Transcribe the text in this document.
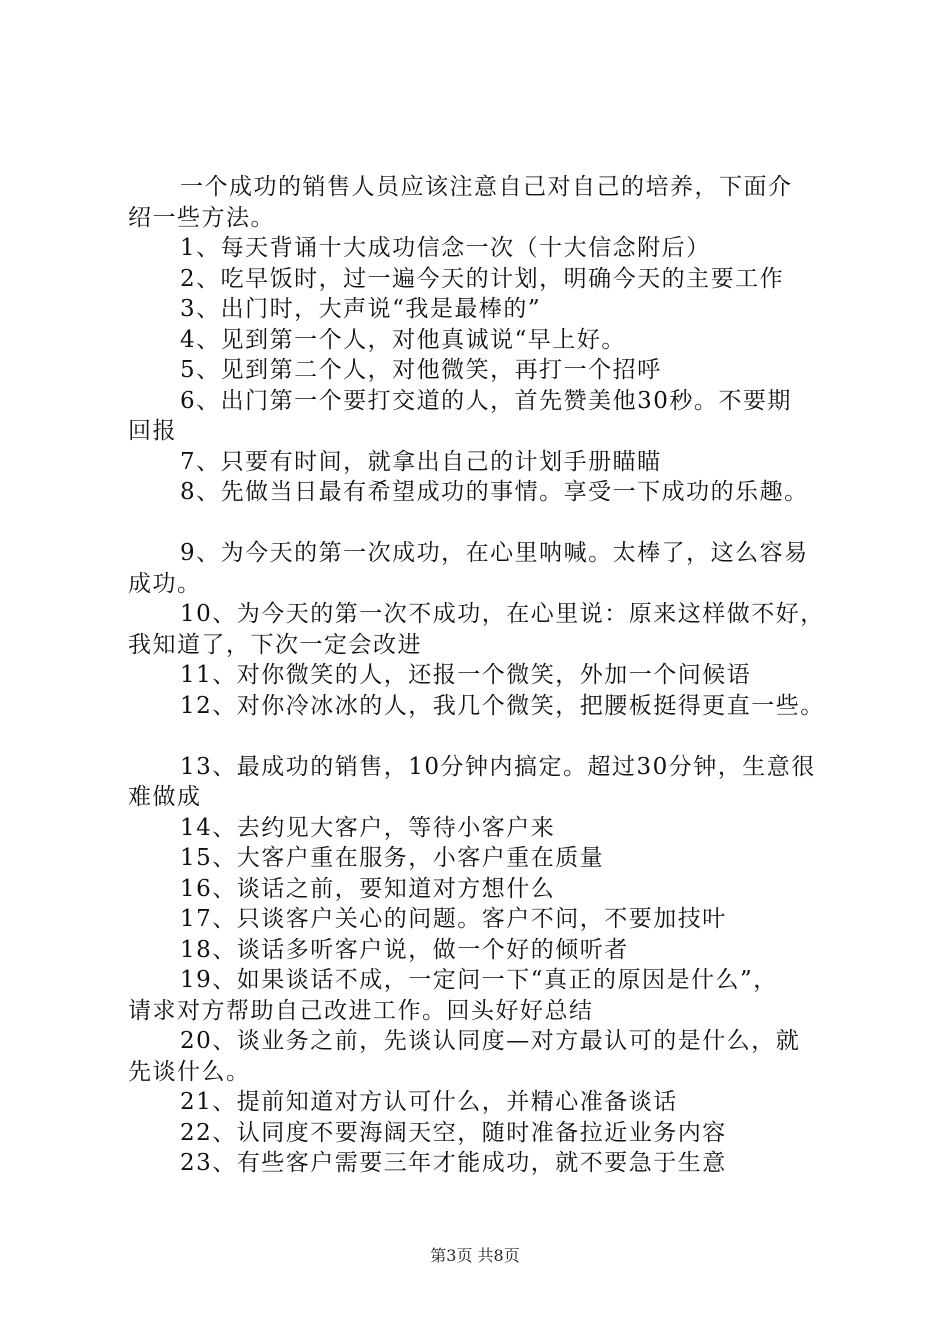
一个成功的销售人员应该注意自己对自己的培养，下面介
绍一些方法。
1、每天背诵十大成功信念一次（十大信念附后）
2、吃早饭时，过一遍今天的计划，明确今天的主要工作
3、出门时，大声说“我是最棒的”
4、见到第一个人，对他真诚说“早上好。
5、见到第二个人，对他微笑，再打一个招呼
6、出门第一个要打交道的人，首先赞美他30秒。不要期
回报
7、只要有时间，就拿出自己的计划手册瞄瞄
8、先做当日最有希望成功的事情。享受一下成功的乐趣。
9、为今天的第一次成功，在心里呐喊。太棒了，这么容易
成功。
10、为今天的第一次不成功，在心里说：原来这样做不好，
我知道了，下次一定会改进
11、对你微笑的人，还报一个微笑，外加一个问候语
12、对你冷冰冰的人，我几个微笑，把腰板挺得更直一些。
13、最成功的销售，10分钟内搞定。超过30分钟，生意很
难做成
14、去约见大客户，等待小客户来
15、大客户重在服务，小客户重在质量
16、谈话之前，要知道对方想什么
17、只谈客户关心的问题。客户不问，不要加技叶
18、谈话多听客户说，做一个好的倾听者
19、如果谈话不成，一定问一下“真正的原因是什么”，
请求对方帮助自己改进工作。回头好好总结
20、谈业务之前，先谈认同度—对方最认可的是什么，就
先谈什么。
21、提前知道对方认可什么，并精心准备谈话
22、认同度不要海阔天空，随时准备拉近业务内容
23、有些客户需要三年才能成功，就不要急于生意
第3页 共8页
